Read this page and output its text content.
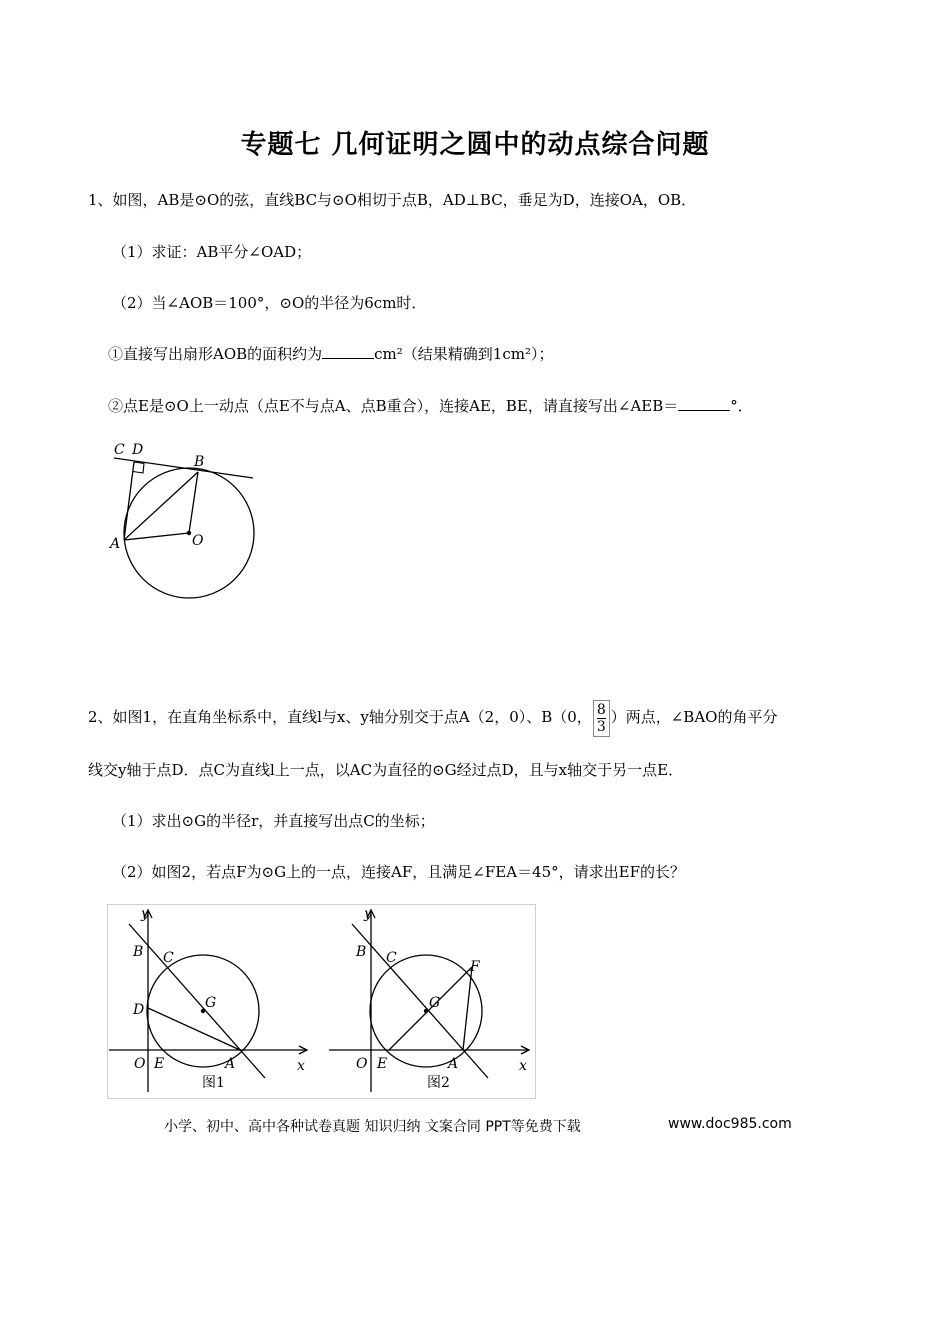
专题七 几何证明之圆中的动点综合问题
1、如图，AB是⊙O的弦，直线BC与⊙O相切于点B，AD⊥BC，垂足为D，连接OA，OB．
（1）求证：AB平分∠OAD；
（2）当∠AOB＝100°，⊙O的半径为6cm时．
①直接写出扇形AOB的面积约为	cm²（结果精确到1cm²）；
②点E是⊙O上一动点（点E不与点A、点B重合），连接AE，BE，请直接写出∠AEB＝	°．
C D
B
A	O
2、如图1，在直角坐标系中，直线l与x、y轴分别交于点A（2，0）、B（0， $\frac{8}{3}$）两点，∠BAO的角平分
线交y轴于点D．点C为直线l上一点，以AC为直径的⊙G经过点D，且与x轴交于另一点E．
（1）求出⊙G的半径r，并直接写出点C的坐标；
（2）如图2，若点F为⊙G上的一点，连接AF，且满足∠FEA＝45°，请求出EF的长？
x
y
B C
D	G
O E	A
图1
x
y
B C
G
F
O E	A
图2
小学、初中、高中各种试卷真题 知识归纳 文案合同 PPT等免费下载	www.doc985.com
